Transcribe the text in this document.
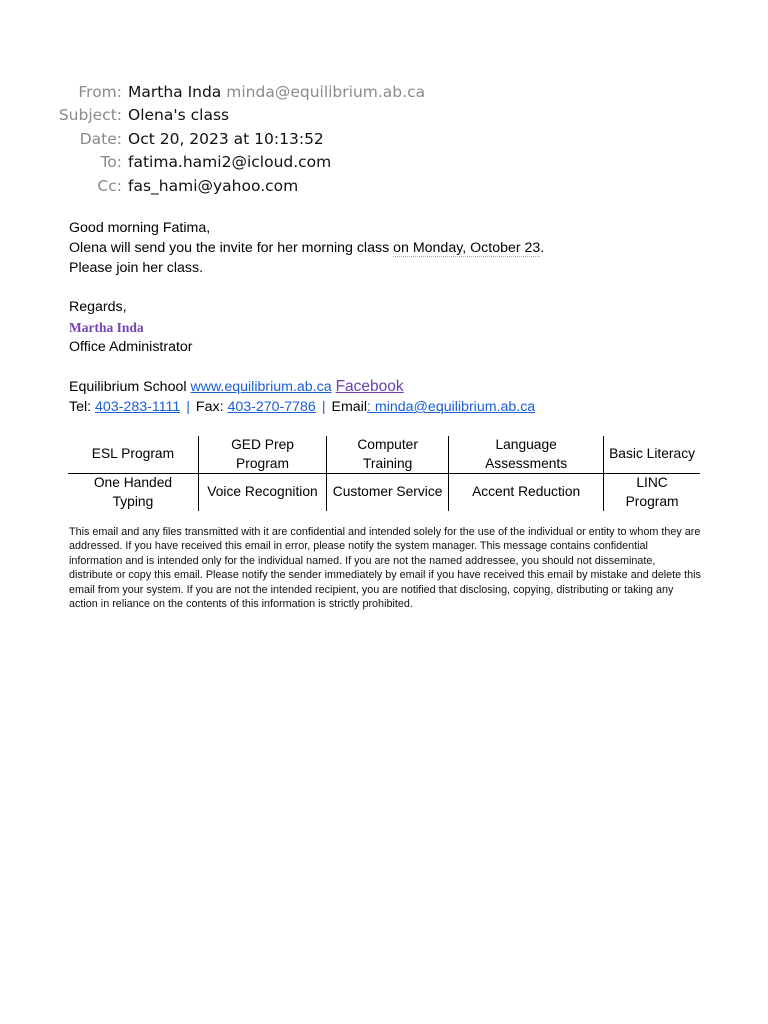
From: Martha Inda minda@equilibrium.ab.ca
Subject: Olena's class
Date: Oct 20, 2023 at 10:13:52
To: fatima.hami2@icloud.com
Cc: fas_hami@yahoo.com
Good morning Fatima,
Olena will send you the invite for her morning class on Monday, October 23.
Please join her class.
Regards,
Martha Inda
Office Administrator
Equilibrium School www.equilibrium.ab.ca Facebook
Tel: 403-283-1111 | Fax: 403-270-7786 | Email: minda@equilibrium.ab.ca
ESL Program	GED Prep Program	Computer Training	Language Assessments	Basic Literacy
One Handed Typing	Voice Recognition	Customer Service	Accent Reduction	LINC Program
This email and any files transmitted with it are confidential and intended solely for the use of the individual or entity to whom they are addressed. If you have received this email in error, please notify the system manager. This message contains confidential information and is intended only for the individual named. If you are not the named addressee, you should not disseminate, distribute or copy this email. Please notify the sender immediately by email if you have received this email by mistake and delete this email from your system. If you are not the intended recipient, you are notified that disclosing, copying, distributing or taking any action in reliance on the contents of this information is strictly prohibited.
